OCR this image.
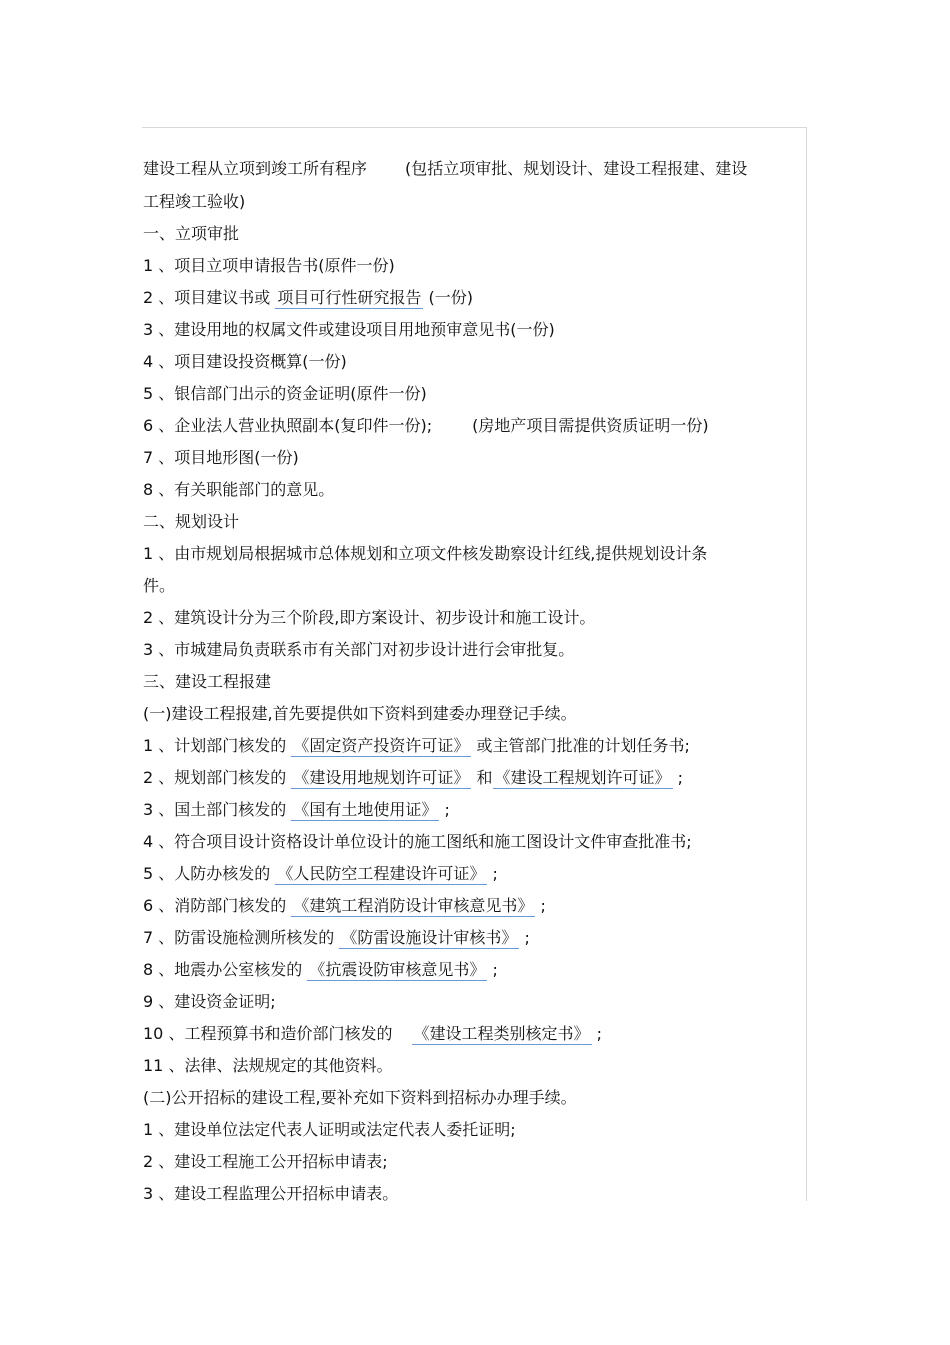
建设工程从立项到竣工所有程序 (包括立项审批、规划设计、建设工程报建、建设
工程竣工验收)
一、立项审批
1 、项目立项申请报告书(原件一份)
2 、项目建议书或 项目可行性研究报告 (一份)
3 、建设用地的权属文件或建设项目用地预审意见书(一份)
4 、项目建设投资概算(一份)
5 、银信部门出示的资金证明(原件一份)
6 、企业法人营业执照副本(复印件一份);	(房地产项目需提供资质证明一份)
7 、项目地形图(一份)
8 、有关职能部门的意见。
二、规划设计
1 、由市规划局根据城市总体规划和立项文件核发勘察设计红线,提供规划设计条
件。
2 、建筑设计分为三个阶段,即方案设计、初步设计和施工设计。
3 、市城建局负责联系市有关部门对初步设计进行会审批复。
三、建设工程报建
(一)建设工程报建,首先要提供如下资料到建委办理登记手续。
1 、计划部门核发的 《固定资产投资许可证》 或主管部门批准的计划任务书;
2 、规划部门核发的 《建设用地规划许可证》 和 《建设工程规划许可证》 ;
3 、国土部门核发的 《国有土地使用证》 ;
4 、符合项目设计资格设计单位设计的施工图纸和施工图设计文件审查批准书;
5 、人防办核发的 《人民防空工程建设许可证》 ;
6 、消防部门核发的 《建筑工程消防设计审核意见书》 ;
7 、防雷设施检测所核发的 《防雷设施设计审核书》 ;
8 、地震办公室核发的 《抗震设防审核意见书》 ;
9 、建设资金证明;
10 、工程预算书和造价部门核发的 《建设工程类别核定书》 ;
11 、法律、法规规定的其他资料。
(二)公开招标的建设工程,要补充如下资料到招标办办理手续。
1 、建设单位法定代表人证明或法定代表人委托证明;
2 、建设工程施工公开招标申请表;
3 、建设工程监理公开招标申请表。
